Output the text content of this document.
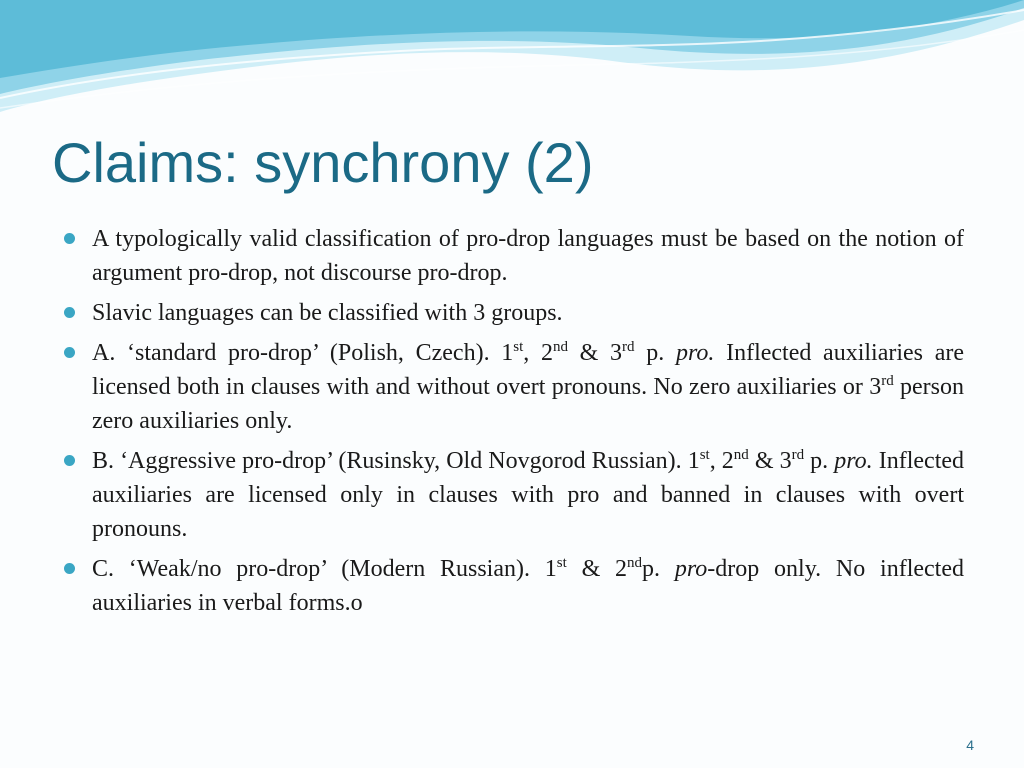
Claims: synchrony (2)
A typologically valid classification of pro-drop languages must be based on the notion of argument pro-drop, not discourse pro-drop.
Slavic languages can be classified with 3 groups.
A. ‘standard pro-drop’ (Polish, Czech). 1st, 2nd & 3rd p. pro. Inflected auxiliaries are licensed both in clauses with and without overt pronouns. No zero auxiliaries or 3rd person zero auxiliaries only.
B. ‘Aggressive pro-drop’ (Rusinsky, Old Novgorod Russian). 1st, 2nd & 3rd p. pro. Inflected auxiliaries are licensed only in clauses with pro and banned in clauses with overt pronouns.
C. ‘Weak/no pro-drop’ (Modern Russian). 1st & 2ndp. pro-drop only. No inflected auxiliaries in verbal forms.o
4
